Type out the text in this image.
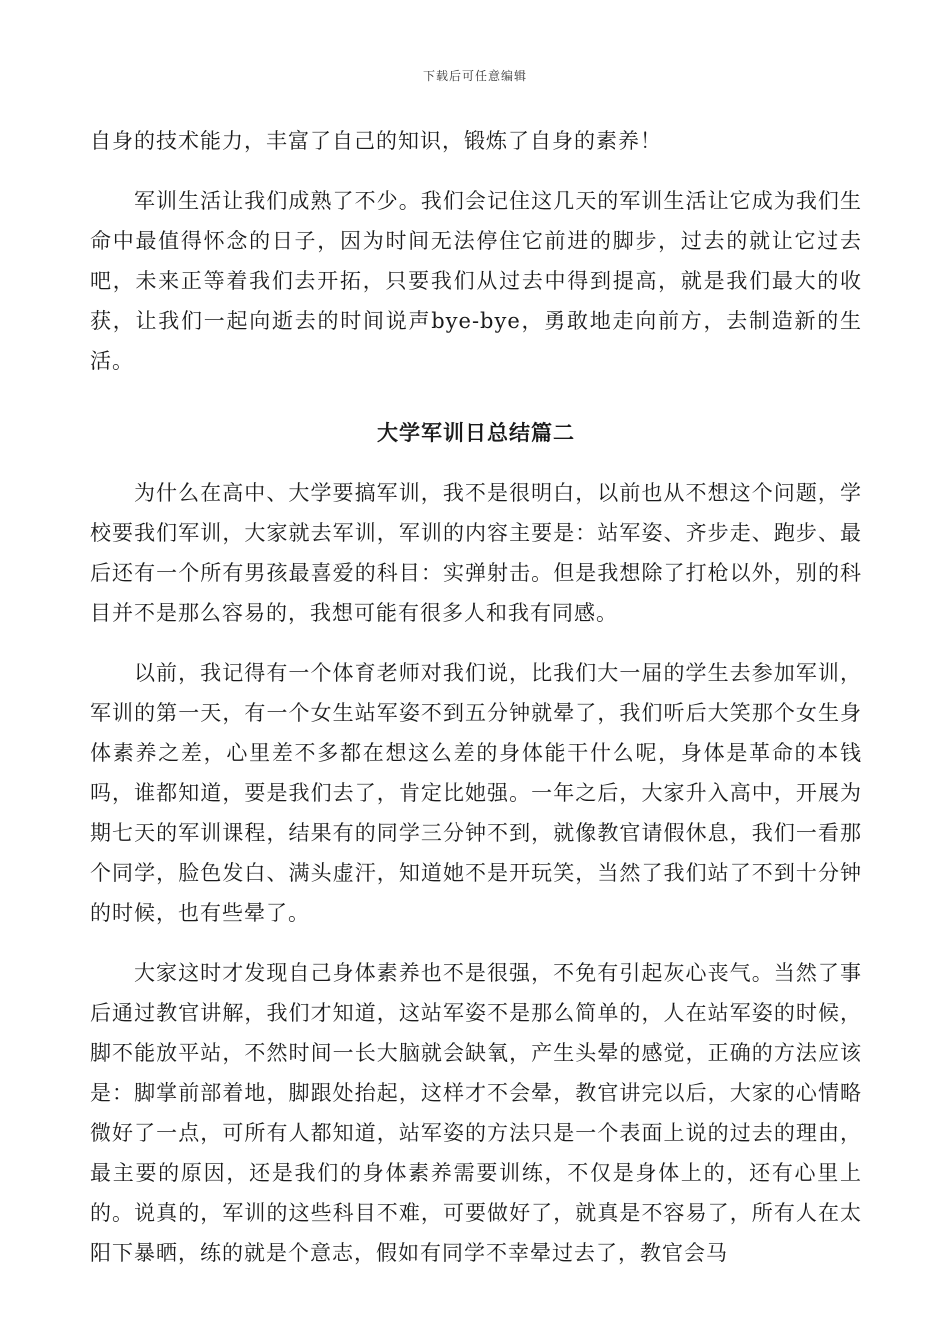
下载后可任意编辑

自身的技术能力，丰富了自己的知识，锻炼了自身的素养！

军训生活让我们成熟了不少。我们会记住这几天的军训生活让它成为我们生命中最值得怀念的日子，因为时间无法停住它前进的脚步，过去的就让它过去吧，未来正等着我们去开拓，只要我们从过去中得到提高，就是我们最大的收获，让我们一起向逝去的时间说声bye-bye，勇敢地走向前方，去制造新的生活。

大学军训日总结篇二

为什么在高中、大学要搞军训，我不是很明白，以前也从不想这个问题，学校要我们军训，大家就去军训，军训的内容主要是：站军姿、齐步走、跑步、最后还有一个所有男孩最喜爱的科目：实弹射击。但是我想除了打枪以外，别的科目并不是那么容易的，我想可能有很多人和我有同感。

以前，我记得有一个体育老师对我们说，比我们大一届的学生去参加军训，军训的第一天，有一个女生站军姿不到五分钟就晕了，我们听后大笑那个女生身体素养之差，心里差不多都在想这么差的身体能干什么呢，身体是革命的本钱吗，谁都知道，要是我们去了，肯定比她强。一年之后，大家升入高中，开展为期七天的军训课程，结果有的同学三分钟不到，就像教官请假休息，我们一看那个同学，脸色发白、满头虚汗，知道她不是开玩笑，当然了我们站了不到十分钟的时候，也有些晕了。

大家这时才发现自己身体素养也不是很强，不免有引起灰心丧气。当然了事后通过教官讲解，我们才知道，这站军姿不是那么简单的，人在站军姿的时候，脚不能放平站，不然时间一长大脑就会缺氧，产生头晕的感觉，正确的方法应该是：脚掌前部着地，脚跟处抬起，这样才不会晕，教官讲完以后，大家的心情略微好了一点，可所有人都知道，站军姿的方法只是一个表面上说的过去的理由，最主要的原因，还是我们的身体素养需要训练，不仅是身体上的，还有心里上的。说真的，军训的这些科目不难，可要做好了，就真是不容易了，所有人在太阳下暴晒，练的就是个意志，假如有同学不幸晕过去了，教官会马
